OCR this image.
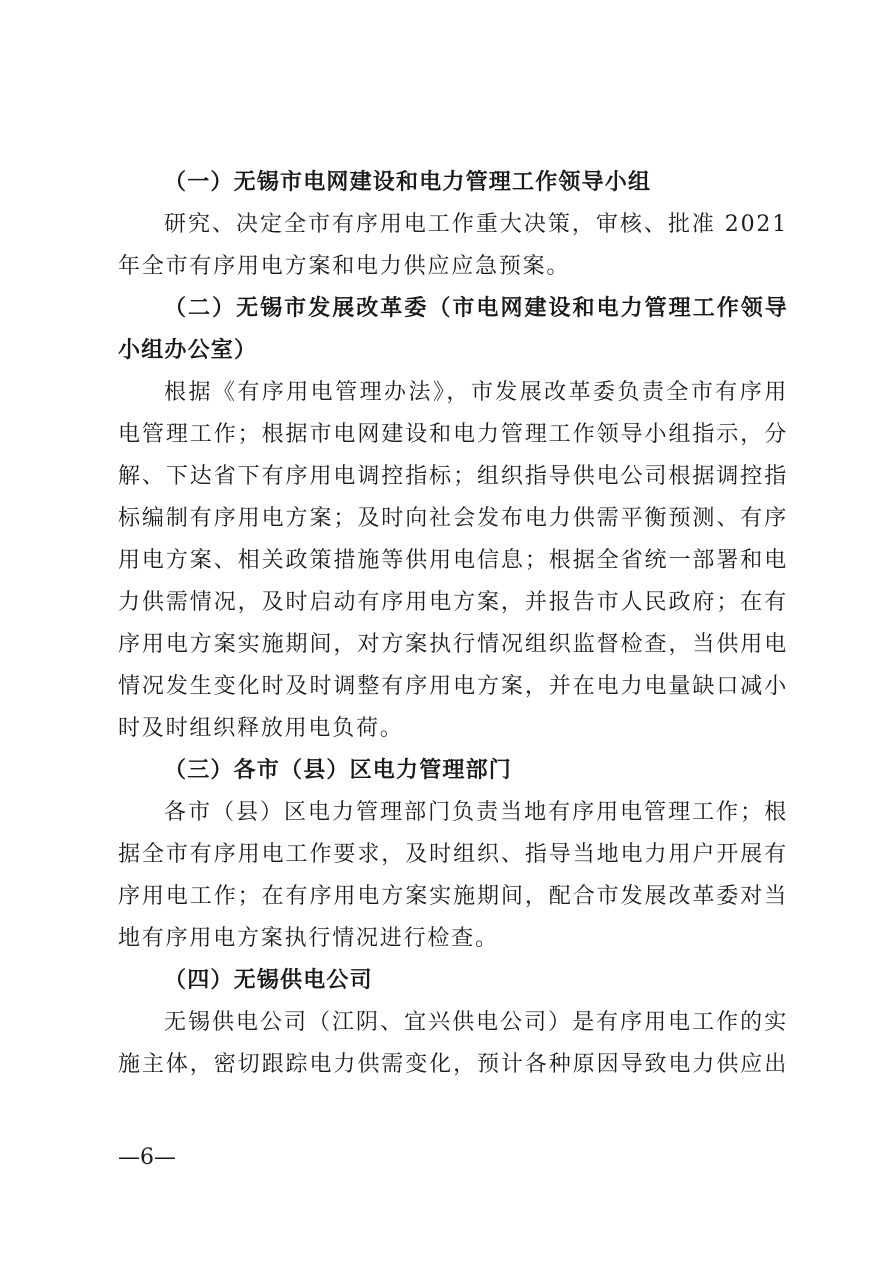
（一）无锡市电网建设和电力管理工作领导小组
研究、决定全市有序用电工作重大决策，审核、批准 2021
年全市有序用电方案和电力供应应急预案。
（二）无锡市发展改革委（市电网建设和电力管理工作领导
小组办公室）
根据《有序用电管理办法》，市发展改革委负责全市有序用
电管理工作；根据市电网建设和电力管理工作领导小组指示，分
解、下达省下有序用电调控指标；组织指导供电公司根据调控指
标编制有序用电方案；及时向社会发布电力供需平衡预测、有序
用电方案、相关政策措施等供用电信息；根据全省统一部署和电
力供需情况，及时启动有序用电方案，并报告市人民政府；在有
序用电方案实施期间，对方案执行情况组织监督检查，当供用电
情况发生变化时及时调整有序用电方案，并在电力电量缺口减小
时及时组织释放用电负荷。
（三）各市（县）区电力管理部门
各市（县）区电力管理部门负责当地有序用电管理工作；根
据全市有序用电工作要求，及时组织、指导当地电力用户开展有
序用电工作；在有序用电方案实施期间，配合市发展改革委对当
地有序用电方案执行情况进行检查。
（四）无锡供电公司
无锡供电公司（江阴、宜兴供电公司）是有序用电工作的实
施主体，密切跟踪电力供需变化，预计各种原因导致电力供应出
—6—
